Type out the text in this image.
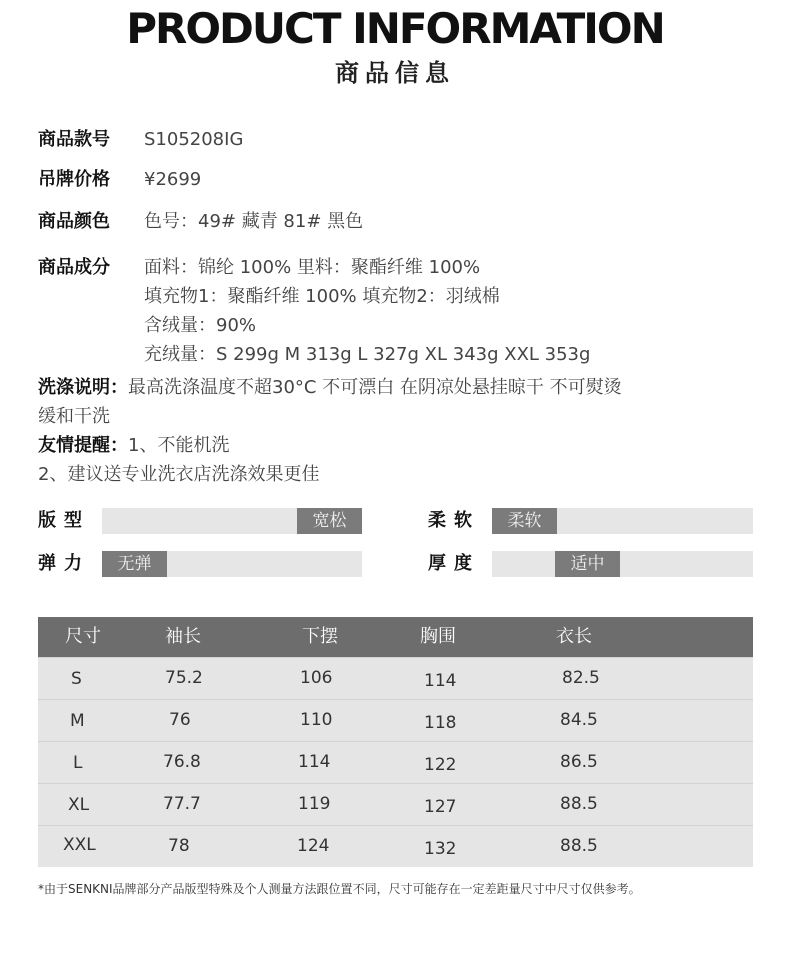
PRODUCT INFORMATION
商品信息
商品款号 S105208IG
吊牌价格 ¥2699
商品颜色 色号：49# 藏青 81# 黑色
商品成分 面料：锦纶 100% 里料：聚酯纤维 100%
填充物1：聚酯纤维 100% 填充物2：羽绒棉
含绒量：90%
充绒量：S 299g M 313g L 327g XL 343g XXL 353g
洗涤说明：最高洗涤温度不超30°C 不可漂白 在阴凉处悬挂晾干 不可熨烫
缓和干洗
友情提醒：1、不能机洗
2、建议送专业洗衣店洗涤效果更佳
版型	宽松	柔软	柔软
弹力	无弹	厚度	适中
尺寸	袖长	下摆	胸围	衣长
S	75.2	106	114	82.5
M	76	110	118	84.5
L	76.8	114	122	86.5
XL	77.7	119	127	88.5
XXL	78	124	132	88.5
*由于SENKNI品牌部分产品版型特殊及个人测量方法跟位置不同，尺寸可能存在一定差距量尺寸中尺寸仅供参考。
